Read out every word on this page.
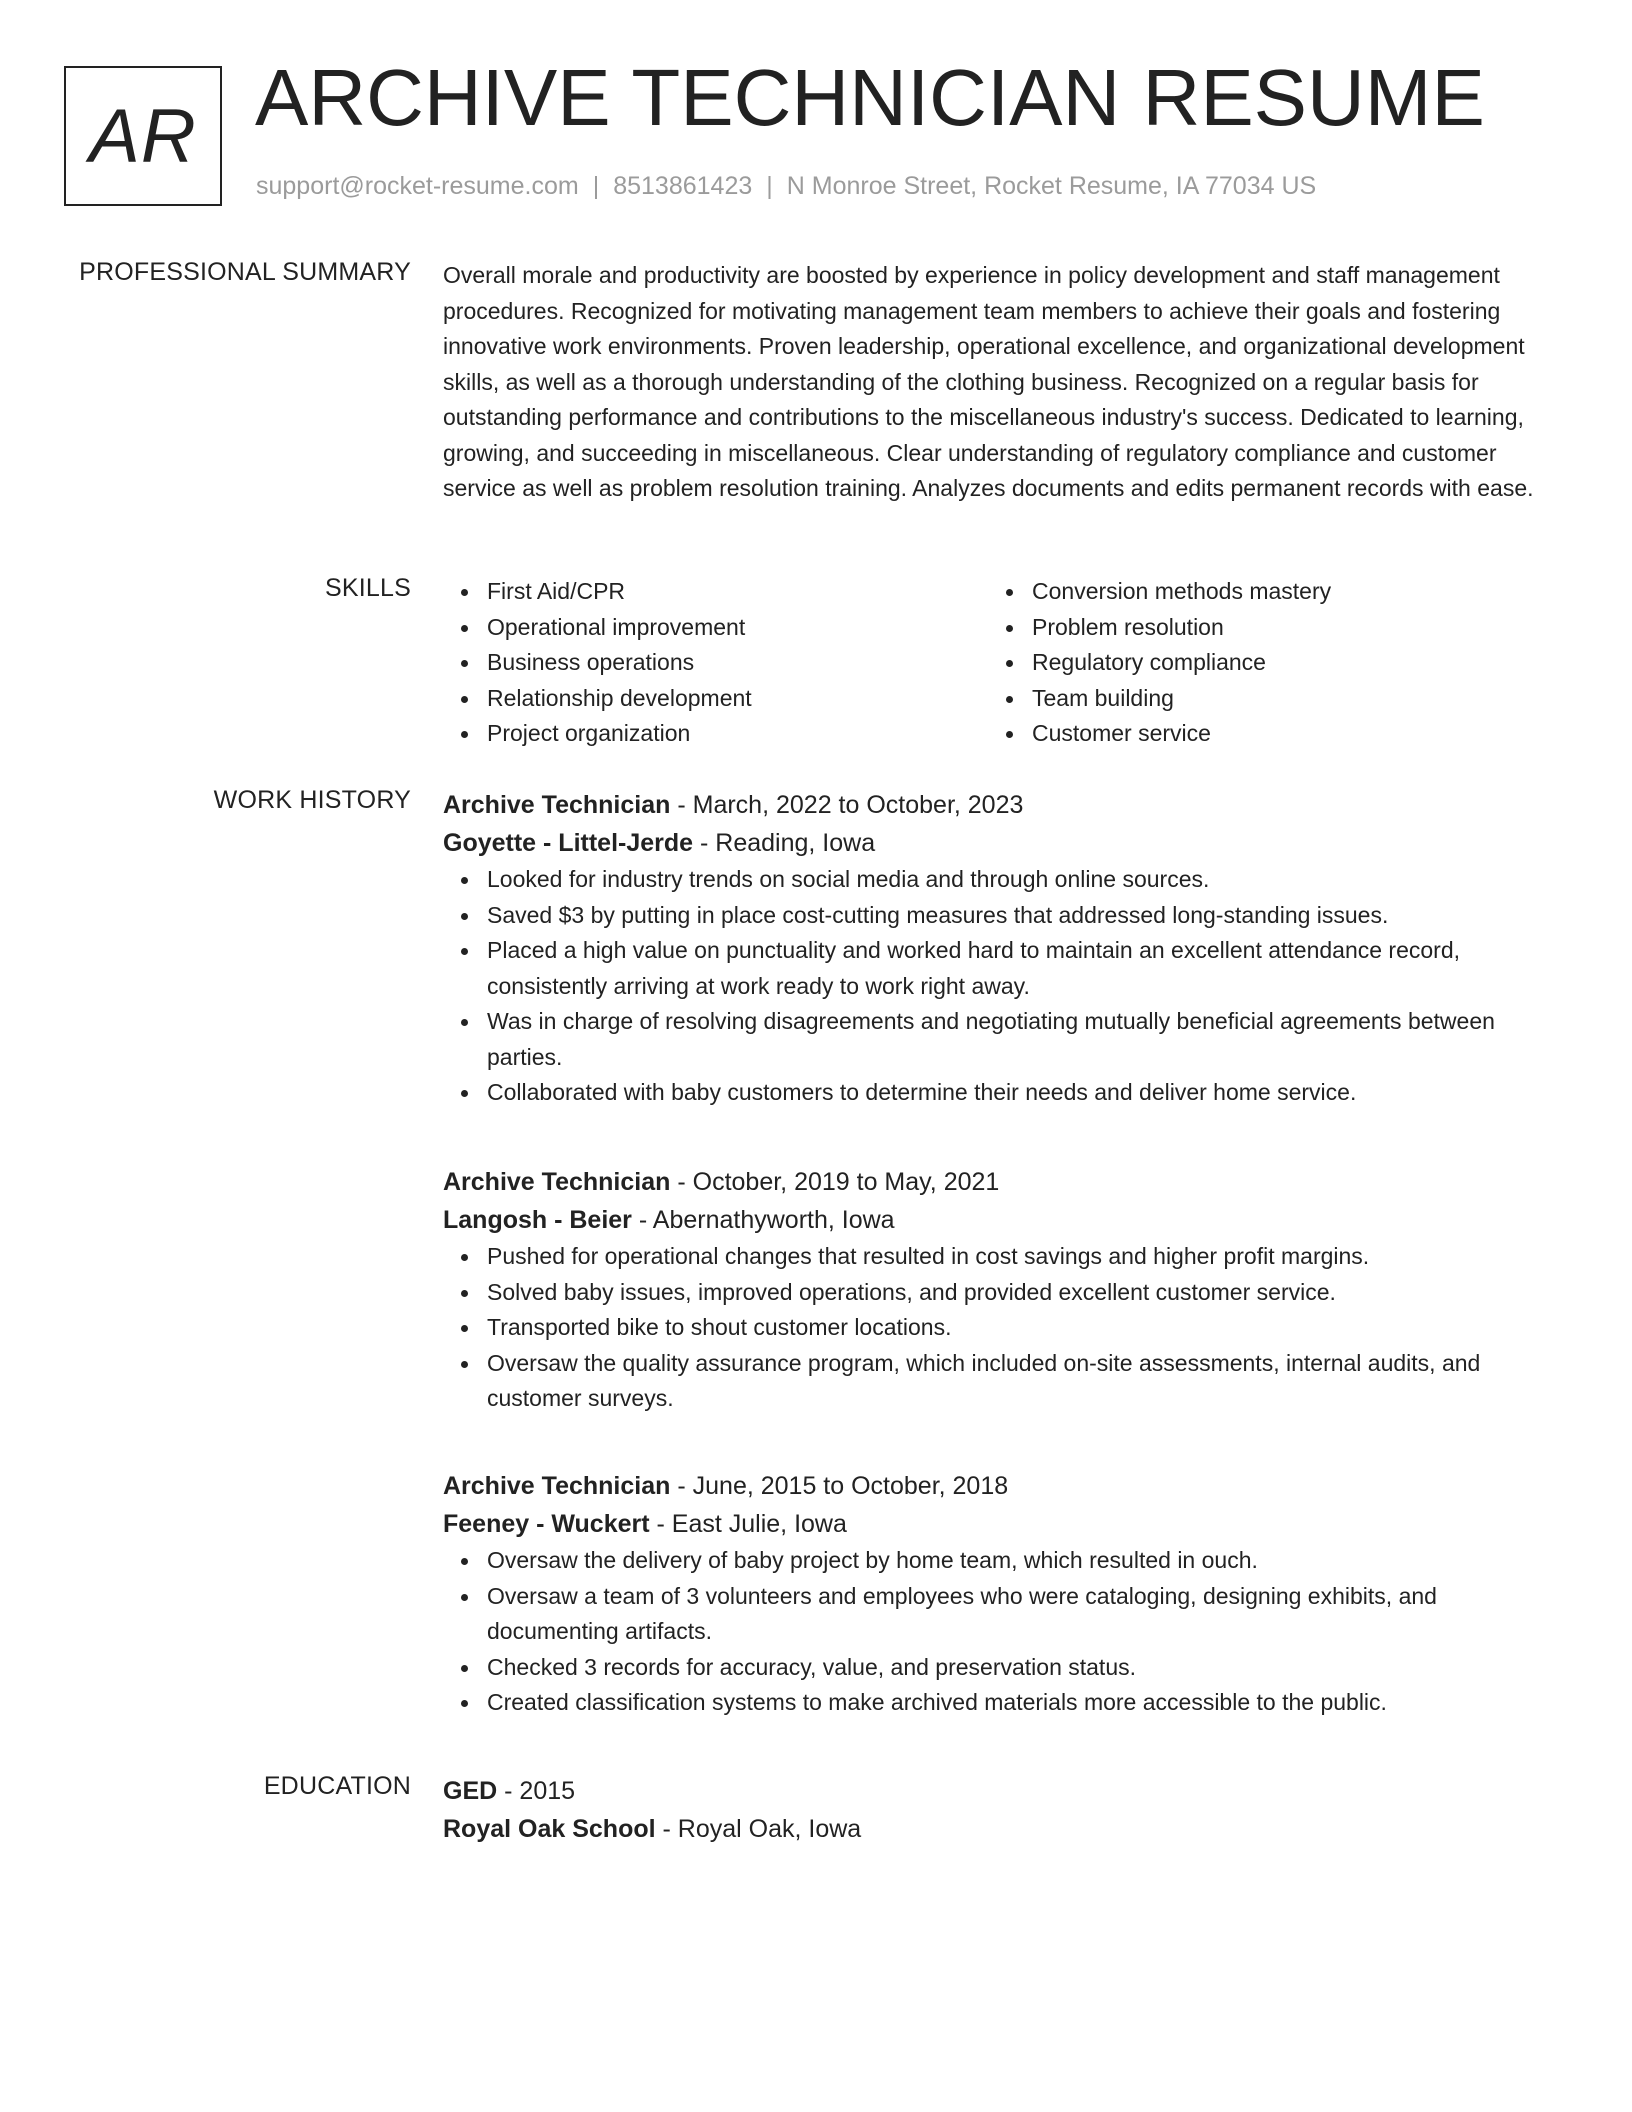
AR ARCHIVE TECHNICIAN RESUME
support@rocket-resume.com | 8513861423 | N Monroe Street, Rocket Resume, IA 77034 US
PROFESSIONAL SUMMARY Overall morale and productivity are boosted by experience in policy development and staff management procedures. Recognized for motivating management team members to achieve their goals and fostering innovative work environments. Proven leadership, operational excellence, and organizational development skills, as well as a thorough understanding of the clothing business. Recognized on a regular basis for outstanding performance and contributions to the miscellaneous industry's success. Dedicated to learning, growing, and succeeding in miscellaneous. Clear understanding of regulatory compliance and customer service as well as problem resolution training. Analyzes documents and edits permanent records with ease.

SKILLS	First Aid/CPR
Operational improvement
Business operations
Relationship development
Project organization
Conversion methods mastery
Problem resolution
Regulatory compliance
Team building
Customer service
WORK HISTORY Archive Technician - March, 2022 to October, 2023
Goyette - Littel-Jerde - Reading, Iowa
Looked for industry trends on social media and through online sources.
Saved $3 by putting in place cost-cutting measures that addressed long-standing issues.
Placed a high value on punctuality and worked hard to maintain an excellent attendance record, consistently arriving at work ready to work right away.
Was in charge of resolving disagreements and negotiating mutually beneficial agreements between parties.
Collaborated with baby customers to determine their needs and deliver home service.
Archive Technician - October, 2019 to May, 2021
Langosh - Beier - Abernathyworth, Iowa
Pushed for operational changes that resulted in cost savings and higher profit margins.
Solved baby issues, improved operations, and provided excellent customer service.
Transported bike to shout customer locations.
Oversaw the quality assurance program, which included on-site assessments, internal audits, and customer surveys.
Archive Technician - June, 2015 to October, 2018
Feeney - Wuckert - East Julie, Iowa
Oversaw the delivery of baby project by home team, which resulted in ouch.
Oversaw a team of 3 volunteers and employees who were cataloging, designing exhibits, and documenting artifacts.
Checked 3 records for accuracy, value, and preservation status.
Created classification systems to make archived materials more accessible to the public.
EDUCATION GED - 2015
Royal Oak School - Royal Oak, Iowa
